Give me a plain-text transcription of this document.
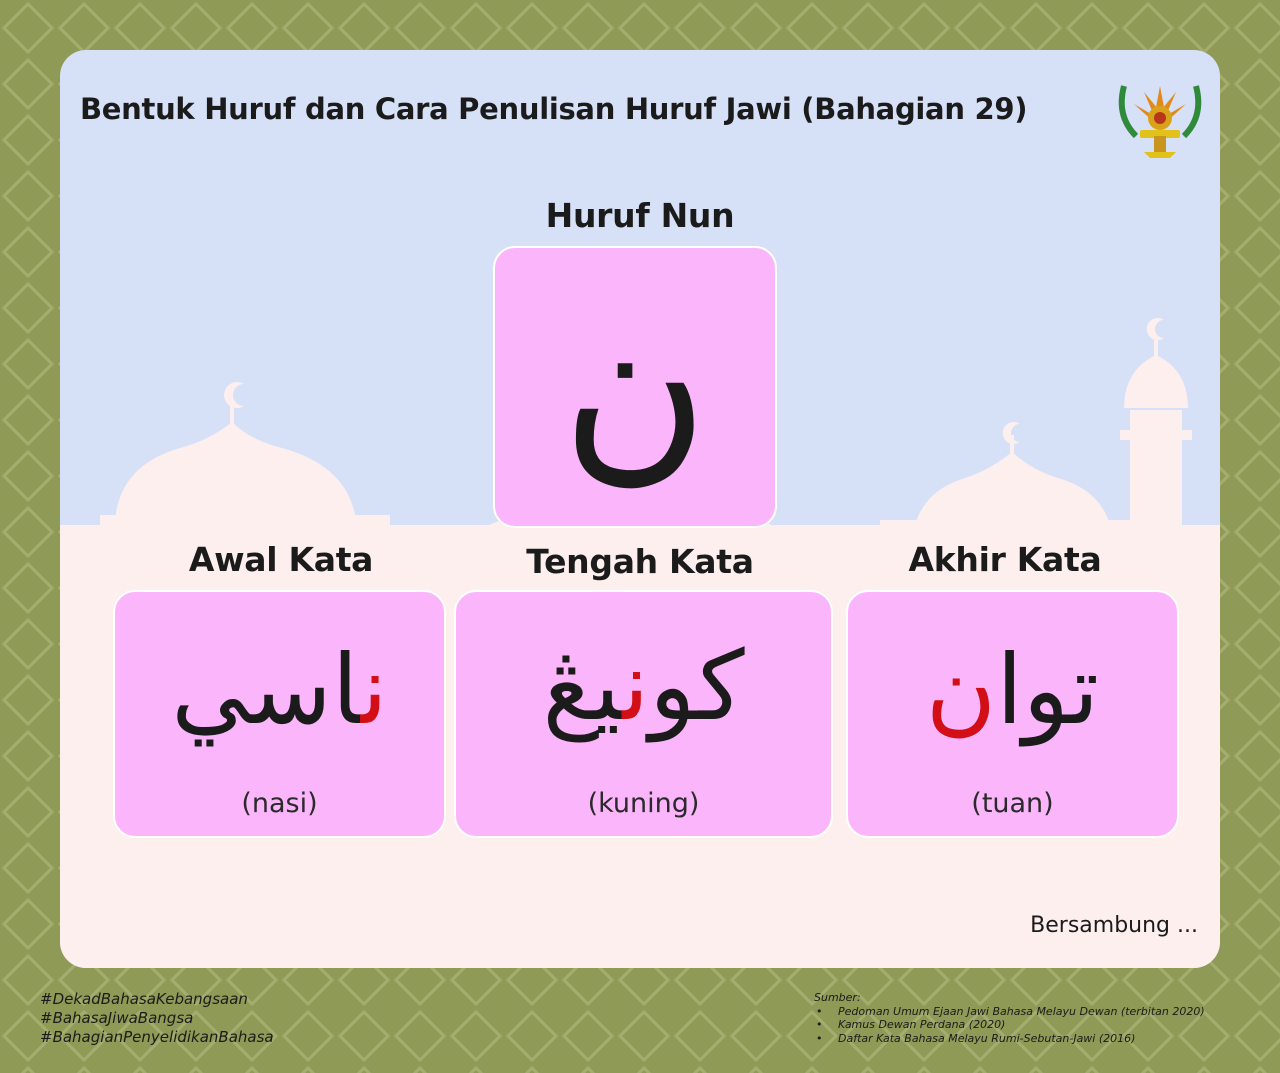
Bentuk Huruf dan Cara Penulisan Huruf Jawi (Bahagian 29)
Huruf Nun
ن
Awal Kata
ناسي
(nasi)
Tengah Kata
كونيڠ
(kuning)
Akhir Kata
توان
(tuan)
Bersambung ...
#DekadBahasaKebangsaan
#BahasaJiwaBangsa
#BahagianPenyelidikanBahasa
Sumber:
• Pedoman Umum Ejaan Jawi Bahasa Melayu Dewan (terbitan 2020)
• Kamus Dewan Perdana (2020)
• Daftar Kata Bahasa Melayu Rumi-Sebutan-Jawi (2016)
